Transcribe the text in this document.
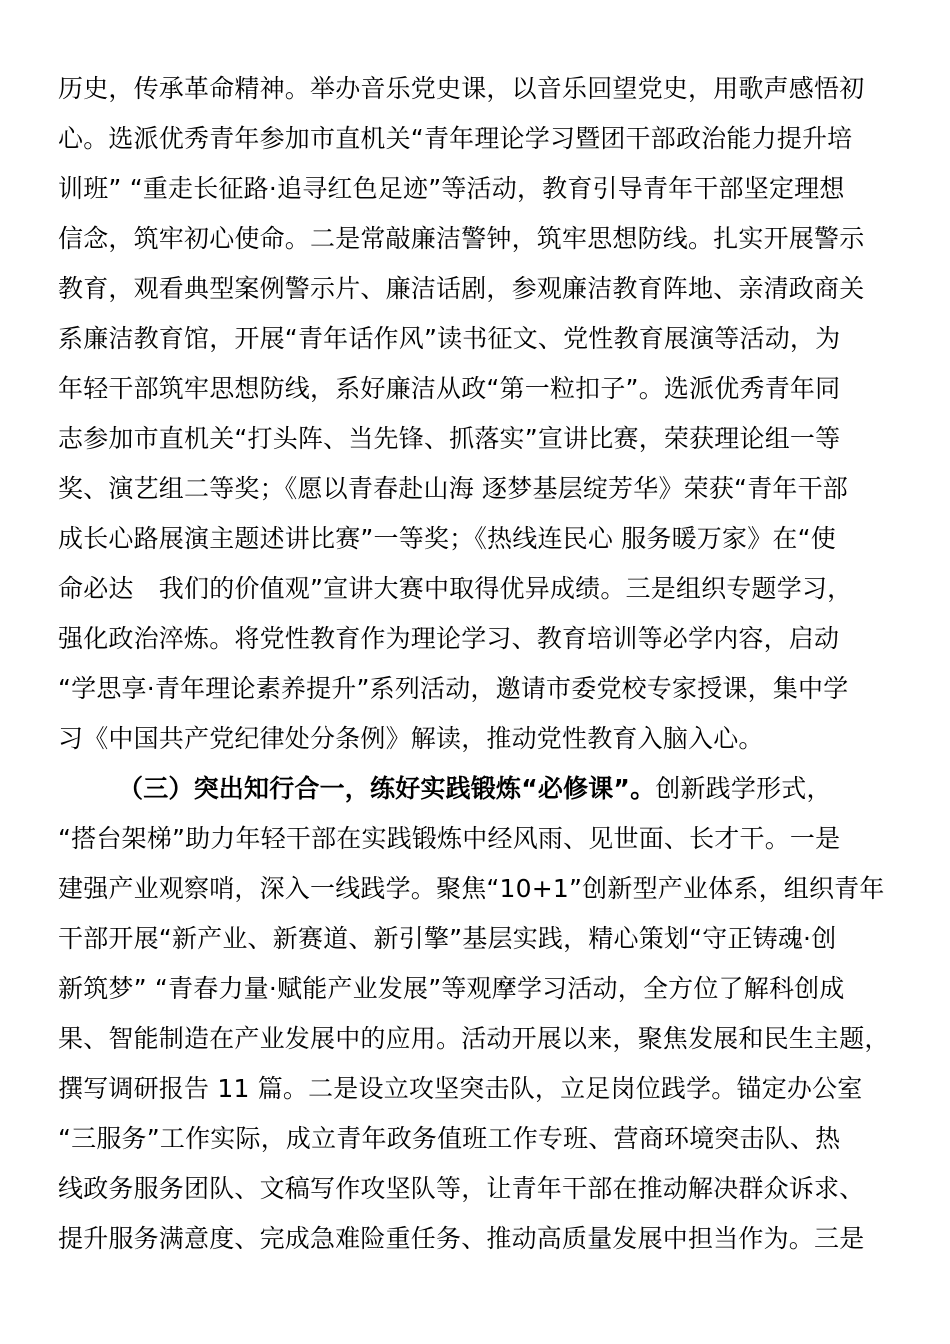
历史，传承革命精神。举办音乐党史课，以音乐回望党史，用歌声感悟初
心。选派优秀青年参加市直机关“青年理论学习暨团干部政治能力提升培
训班” “重走长征路·追寻红色足迹”等活动，教育引导青年干部坚定理想
信念，筑牢初心使命。二是常敲廉洁警钟，筑牢思想防线。扎实开展警示
教育，观看典型案例警示片、廉洁话剧，参观廉洁教育阵地、亲清政商关
系廉洁教育馆，开展“青年话作风”读书征文、党性教育展演等活动，为
年轻干部筑牢思想防线，系好廉洁从政“第一粒扣子”。选派优秀青年同
志参加市直机关“打头阵、当先锋、抓落实”宣讲比赛，荣获理论组一等
奖、演艺组二等奖；《愿以青春赴山海 逐梦基层绽芳华》荣获“青年干部
成长心路展演主题述讲比赛”一等奖；《热线连民心 服务暖万家》在“使
命必达　我们的价值观”宣讲大赛中取得优异成绩。三是组织专题学习，
强化政治淬炼。将党性教育作为理论学习、教育培训等必学内容，启动
“学思享·青年理论素养提升”系列活动，邀请市委党校专家授课，集中学
习《中国共产党纪律处分条例》解读，推动党性教育入脑入心。
（三）突出知行合一，练好实践锻炼“必修课”。创新践学形式，
“搭台架梯”助力年轻干部在实践锻炼中经风雨、见世面、长才干。一是
建强产业观察哨，深入一线践学。聚焦“10+1”创新型产业体系，组织青年
干部开展“新产业、新赛道、新引擎”基层实践，精心策划“守正铸魂·创
新筑梦” “青春力量·赋能产业发展”等观摩学习活动，全方位了解科创成
果、智能制造在产业发展中的应用。活动开展以来，聚焦发展和民生主题，
撰写调研报告 11 篇。二是设立攻坚突击队，立足岗位践学。锚定办公室
“三服务”工作实际，成立青年政务值班工作专班、营商环境突击队、热
线政务服务团队、文稿写作攻坚队等，让青年干部在推动解决群众诉求、
提升服务满意度、完成急难险重任务、推动高质量发展中担当作为。三是
